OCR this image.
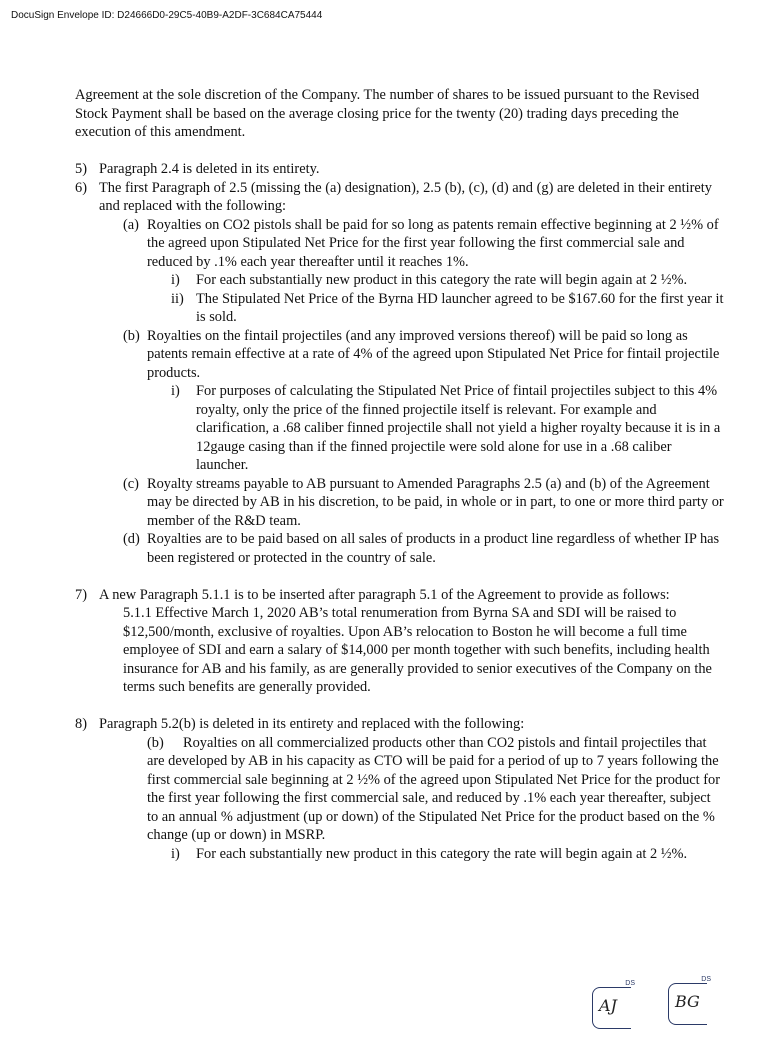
DocuSign Envelope ID: D24666D0-29C5-40B9-A2DF-3C684CA75444

Agreement at the sole discretion of the Company. The number of shares to be issued pursuant to the Revised Stock Payment shall be based on the average closing price for the twenty (20) trading days preceding the execution of this amendment.

5) Paragraph 2.4 is deleted in its entirety.
6) The first Paragraph of 2.5 (missing the (a) designation), 2.5 (b), (c), (d) and (g) are deleted in their entirety and replaced with the following:
(a) Royalties on CO2 pistols shall be paid for so long as patents remain effective beginning at 2 ½% of the agreed upon Stipulated Net Price for the first year following the first commercial sale and reduced by .1% each year thereafter until it reaches 1%.
i) For each substantially new product in this category the rate will begin again at 2 ½%.
ii) The Stipulated Net Price of the Byrna HD launcher agreed to be $167.60 for the first year it is sold.
(b) Royalties on the fintail projectiles (and any improved versions thereof) will be paid so long as patents remain effective at a rate of 4% of the agreed upon Stipulated Net Price for fintail projectile products.
i) For purposes of calculating the Stipulated Net Price of fintail projectiles subject to this 4% royalty, only the price of the finned projectile itself is relevant. For example and clarification, a .68 caliber finned projectile shall not yield a higher royalty because it is in a 12gauge casing than if the finned projectile were sold alone for use in a .68 caliber launcher.
(c) Royalty streams payable to AB pursuant to Amended Paragraphs 2.5 (a) and (b) of the Agreement may be directed by AB in his discretion, to be paid, in whole or in part, to one or more third party or member of the R&D team.
(d) Royalties are to be paid based on all sales of products in a product line regardless of whether IP has been registered or protected in the country of sale.
7) A new Paragraph 5.1.1 is to be inserted after paragraph 5.1 of the Agreement to provide as follows:
5.1.1 Effective March 1, 2020 AB’s total renumeration from Byrna SA and SDI will be raised to $12,500/month, exclusive of royalties. Upon AB’s relocation to Boston he will become a full time employee of SDI and earn a salary of $14,000 per month together with such benefits, including health insurance for AB and his family, as are generally provided to senior executives of the Company on the terms such benefits are generally provided.
8) Paragraph 5.2(b) is deleted in its entirety and replaced with the following:
(b) Royalties on all commercialized products other than CO2 pistols and fintail projectiles that are developed by AB in his capacity as CTO will be paid for a period of up to 7 years following the first commercial sale beginning at 2 ½% of the agreed upon Stipulated Net Price for the product for the first year following the first commercial sale, and reduced by .1% each year thereafter, subject to an annual % adjustment (up or down) of the Stipulated Net Price for the product based on the % change (up or down) in MSRP.
i) For each substantially new product in this category the rate will begin again at 2 ½%.
DS
AJ
DS
BG
